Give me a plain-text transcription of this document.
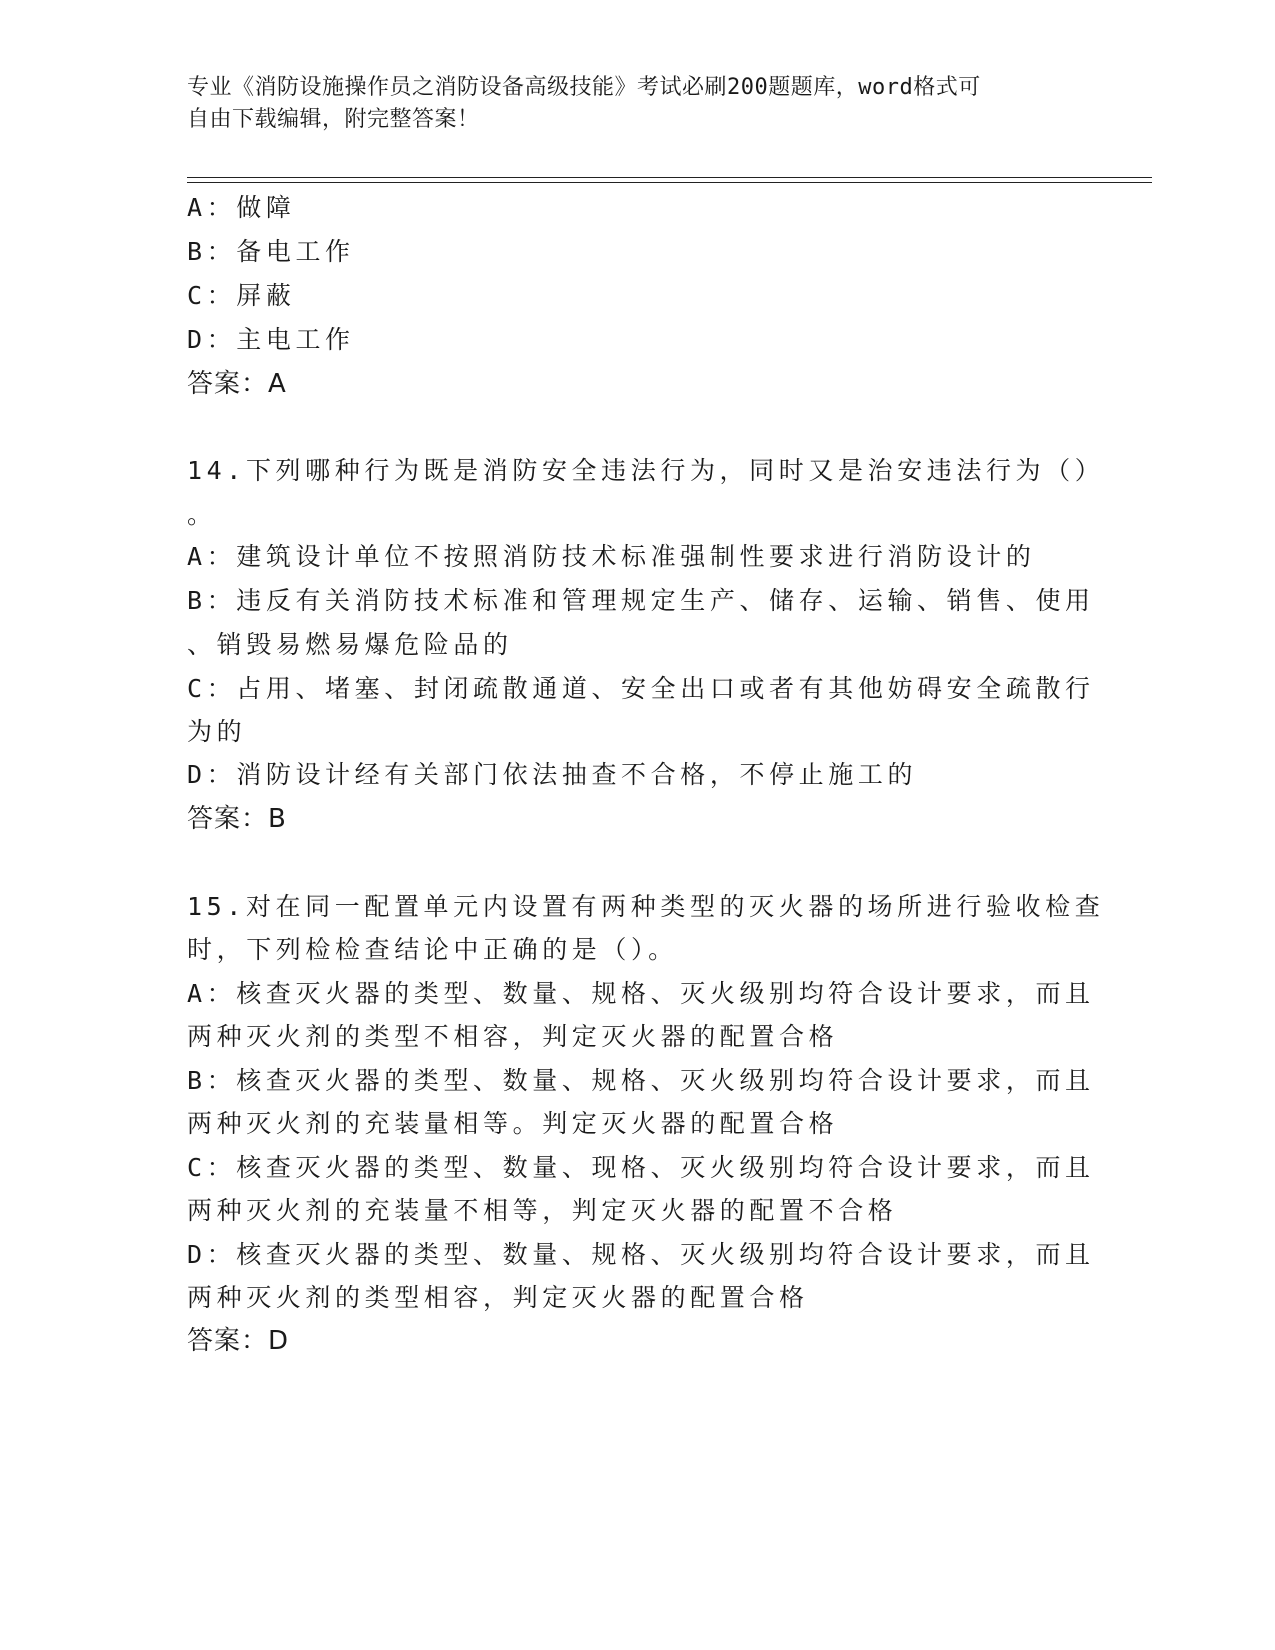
专业《消防设施操作员之消防设备高级技能》考试必刷200题题库，word格式可
自由下载编辑，附完整答案！
A：做障
B：备电工作
C：屏蔽
D：主电工作
答案：A
14.下列哪种行为既是消防安全违法行为，同时又是治安违法行为（）
。
A：建筑设计单位不按照消防技术标准强制性要求进行消防设计的
B：违反有关消防技术标准和管理规定生产、储存、运输、销售、使用
、销毁易燃易爆危险品的
C：占用、堵塞、封闭疏散通道、安全出口或者有其他妨碍安全疏散行
为的
D：消防设计经有关部门依法抽查不合格，不停止施工的
答案：B
15.对在同一配置单元内设置有两种类型的灭火器的场所进行验收检查
时，下列检检查结论中正确的是（）。
A：核查灭火器的类型、数量、规格、灭火级别均符合设计要求，而且
两种灭火剂的类型不相容，判定灭火器的配置合格
B：核查灭火器的类型、数量、规格、灭火级别均符合设计要求，而且
两种灭火剂的充装量相等。判定灭火器的配置合格
C：核查灭火器的类型、数量、现格、灭火级别均符合设计要求，而且
两种灭火剂的充装量不相等，判定灭火器的配置不合格
D：核查灭火器的类型、数量、规格、灭火级别均符合设计要求，而且
两种灭火剂的类型相容，判定灭火器的配置合格
答案：D
